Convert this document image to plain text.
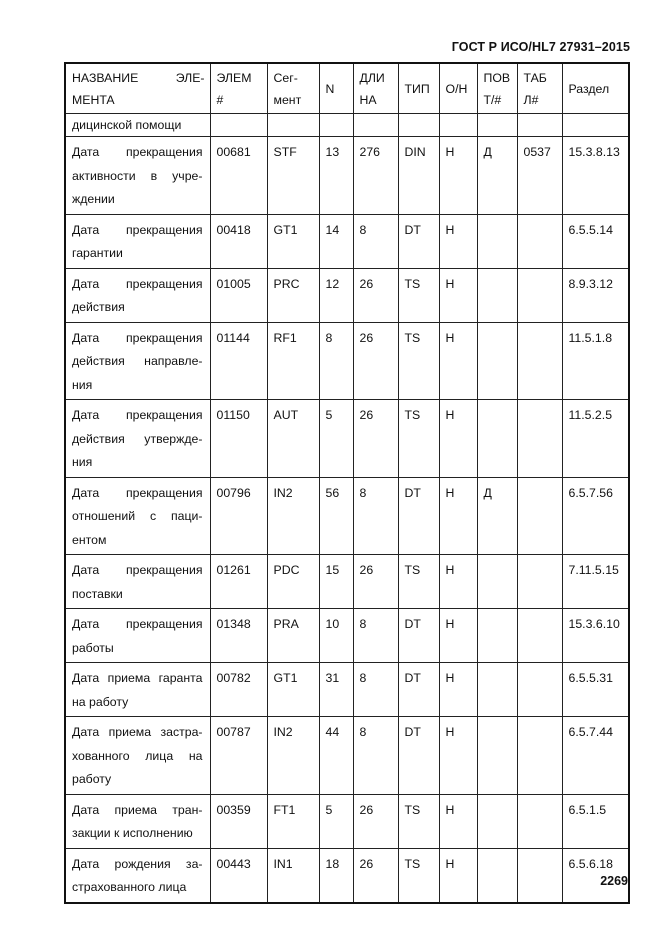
ГОСТ Р ИСО/HL7 27931–2015
НАЗВАНИЕ ЭЛЕ- МЕНТА	ЭЛЕМ #	Сег- мент	N	ДЛИ НА	ТИП	О/Н	ПОВ Т/#	ТАБ Л#	Раздел
дицинской помощи									
Дата прекращения активности в учре-ждении	00681	STF	13	276	DIN	Н	Д	0537	15.3.8.13
Дата прекращения гарантии	00418	GT1	14	8	DT	Н			6.5.5.14
Дата прекращения действия	01005	PRC	12	26	TS	Н			8.9.3.12
Дата прекращения действия направле-ния	01144	RF1	8	26	TS	Н			11.5.1.8
Дата прекращения действия утвержде-ния	01150	AUT	5	26	TS	Н			11.5.2.5
Дата прекращения отношений с паци-ентом	00796	IN2	56	8	DT	Н	Д		6.5.7.56
Дата прекращения поставки	01261	PDC	15	26	TS	Н			7.11.5.15
Дата прекращения работы	01348	PRA	10	8	DT	Н			15.3.6.10
Дата приема гаранта на работу	00782	GT1	31	8	DT	Н			6.5.5.31
Дата приема застра-хованного лица на работу	00787	IN2	44	8	DT	Н			6.5.7.44
Дата приема тран-закции к исполнению	00359	FT1	5	26	TS	Н			6.5.1.5
Дата рождения за-страхованного лица	00443	IN1	18	26	TS	Н			6.5.6.18
2269
